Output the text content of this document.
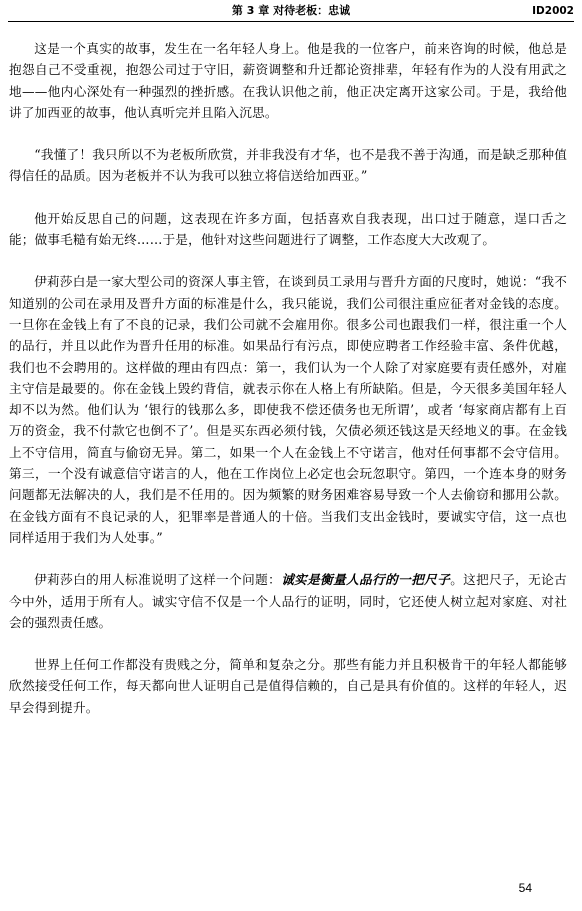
第 3 章 对待老板：忠诚	ID2002

这是一个真实的故事，发生在一名年轻人身上。他是我的一位客户，前来咨询的时候，他总是抱怨自己不受重视，抱怨公司过于守旧，薪资调整和升迁都论资排辈，年轻有作为的人没有用武之地——他内心深处有一种强烈的挫折感。在我认识他之前，他正决定离开这家公司。于是，我给他讲了加西亚的故事，他认真听完并且陷入沉思。

“我懂了！我只所以不为老板所欣赏，并非我没有才华，也不是我不善于沟通，而是缺乏那种值得信任的品质。因为老板并不认为我可以独立将信送给加西亚。”

他开始反思自己的问题，这表现在许多方面，包括喜欢自我表现，出口过于随意，逞口舌之能；做事毛糙有始无终……于是，他针对这些问题进行了调整，工作态度大大改观了。

伊莉莎白是一家大型公司的资深人事主管，在谈到员工录用与晋升方面的尺度时，她说：“我不知道别的公司在录用及晋升方面的标准是什么，我只能说，我们公司很注重应征者对金钱的态度。一旦你在金钱上有了不良的记录，我们公司就不会雇用你。很多公司也跟我们一样，很注重一个人的品行，并且以此作为晋升任用的标准。如果品行有污点，即使应聘者工作经验丰富、条件优越，我们也不会聘用的。这样做的理由有四点：第一，我们认为一个人除了对家庭要有责任感外，对雇主守信是最要的。你在金钱上毁约背信，就表示你在人格上有所缺陷。但是，今天很多美国年轻人却不以为然。他们认为 ‘银行的钱那么多，即使我不偿还债务也无所谓’，或者 ‘每家商店都有上百万的资金，我不付款它也倒不了’。但是买东西必须付钱，欠债必须还钱这是天经地义的事。在金钱上不守信用，简直与偷窃无异。第二，如果一个人在金钱上不守诺言，他对任何事都不会守信用。第三，一个没有诚意信守诺言的人，他在工作岗位上必定也会玩忽职守。第四，一个连本身的财务问题都无法解决的人，我们是不任用的。因为频繁的财务困难容易导致一个人去偷窃和挪用公款。在金钱方面有不良记录的人，犯罪率是普通人的十倍。当我们支出金钱时，要诚实守信，这一点也同样适用于我们为人处事。”

伊莉莎白的用人标准说明了这样一个问题：诚实是衡量人品行的一把尺子。这把尺子，无论古今中外，适用于所有人。诚实守信不仅是一个人品行的证明，同时，它还使人树立起对家庭、对社会的强烈责任感。

世界上任何工作都没有贵贱之分，简单和复杂之分。那些有能力并且积极肯干的年轻人都能够欣然接受任何工作，每天都向世人证明自己是值得信赖的，自己是具有价值的。这样的年轻人，迟早会得到提升。

54
